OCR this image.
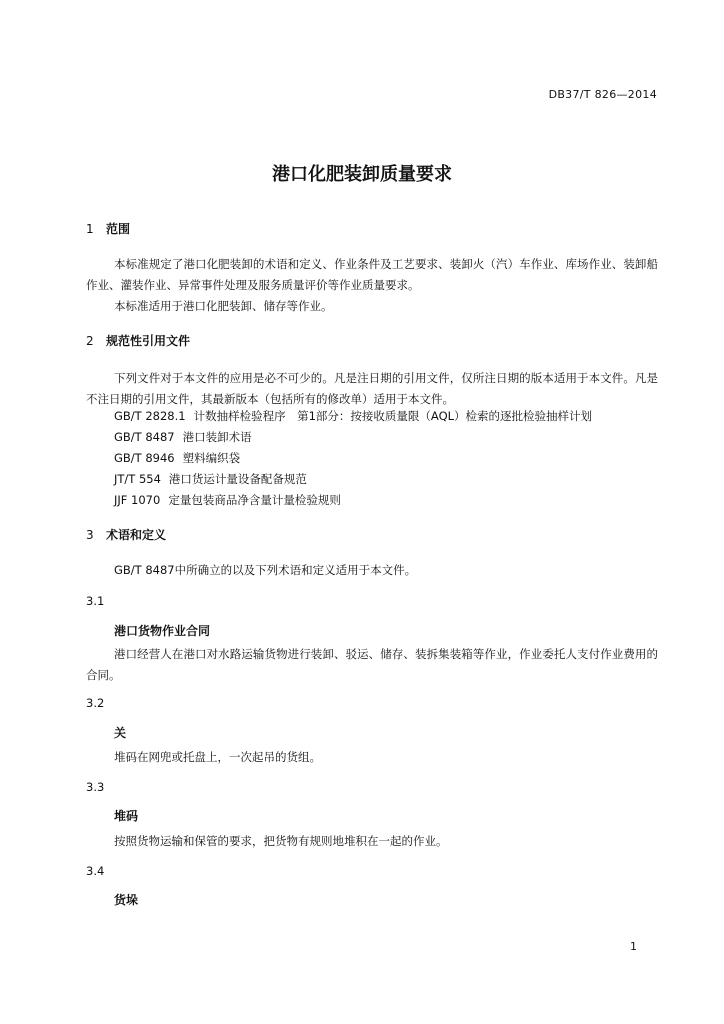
DB37/T 826—2014
港口化肥装卸质量要求
1 范围
本标准规定了港口化肥装卸的术语和定义、作业条件及工艺要求、装卸火（汽）车作业、库场作业、装卸船作业、灌装作业、异常事件处理及服务质量评价等作业质量要求。
本标准适用于港口化肥装卸、储存等作业。
2 规范性引用文件
下列文件对于本文件的应用是必不可少的。凡是注日期的引用文件，仅所注日期的版本适用于本文件。凡是不注日期的引用文件，其最新版本（包括所有的修改单）适用于本文件。
GB/T 2828.1 计数抽样检验程序　第1部分：按接收质量限（AQL）检索的逐批检验抽样计划
GB/T 8487 港口装卸术语
GB/T 8946 塑料编织袋
JT/T 554 港口货运计量设备配备规范
JJF 1070 定量包装商品净含量计量检验规则
3 术语和定义
GB/T 8487中所确立的以及下列术语和定义适用于本文件。
3.1
港口货物作业合同
港口经营人在港口对水路运输货物进行装卸、驳运、储存、装拆集装箱等作业，作业委托人支付作业费用的合同。
3.2
关
堆码在网兜或托盘上，一次起吊的货组。
3.3
堆码
按照货物运输和保管的要求，把货物有规则地堆积在一起的作业。
3.4
货垛
1
